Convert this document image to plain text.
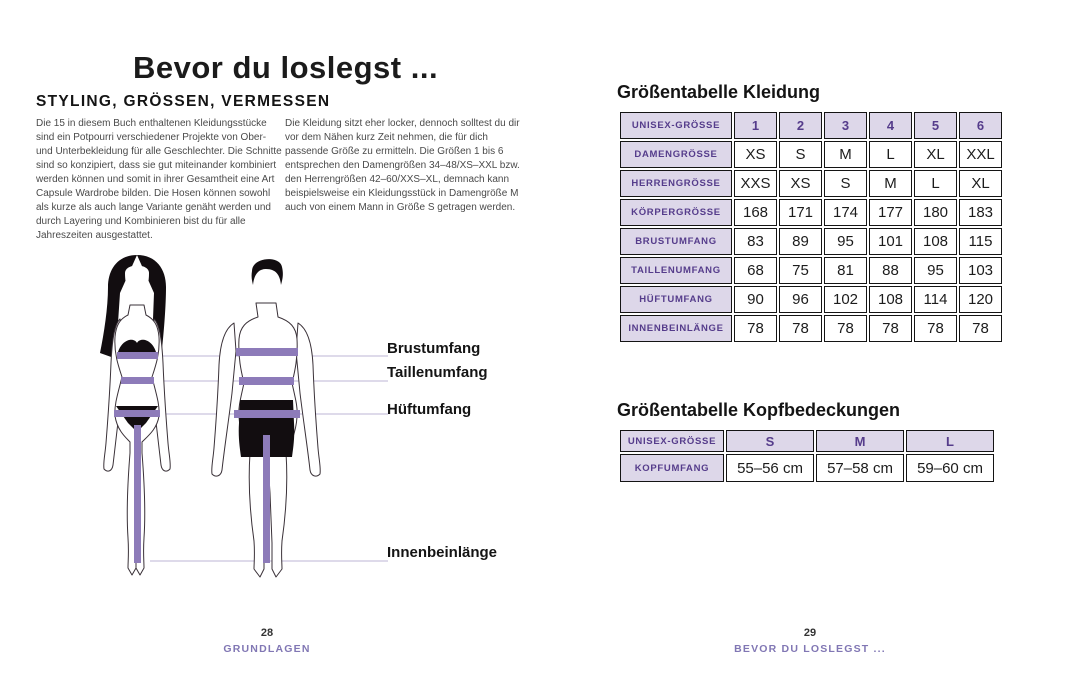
Bevor du loslegst ...
STYLING, GRÖSSEN, VERMESSEN

Die 15 in diesem Buch enthaltenen Kleidungsstücke sind ein Potpourri verschiedener Projekte von Ober- und Unterbekleidung für alle Geschlechter. Die Schnitte sind so konzipiert, dass sie gut miteinander kombiniert werden können und somit in ihrer Gesamtheit eine Art Capsule Wardrobe bilden. Die Hosen können sowohl als kurze als auch lange Variante genäht werden und durch Layering und Kombinieren bist du für alle Jahreszeiten ausgestattet.

Die Kleidung sitzt eher locker, dennoch solltest du dir vor dem Nähen kurz Zeit nehmen, die für dich passende Größe zu ermitteln. Die Größen 1 bis 6 entsprechen den Damengrößen 34–48/XS–XXL bzw. den Herrengrößen 42–60/XXS–XL, demnach kann beispielsweise ein Kleidungsstück in Damengröße M auch von einem Mann in Größe S getragen werden.

Brustumfang
Taillenumfang
Hüftumfang
Innenbeinlänge
28
GRUNDLAGEN
Größentabelle Kleidung
UNISEX-GRÖSSE	1	2	3	4	5	6
DAMENGRÖSSE	XS	S	M	L	XL	XXL
HERRENGRÖSSE	XXS	XS	S	M	L	XL
KÖRPERGRÖSSE	168	171	174	177	180	183
BRUSTUMFANG	83	89	95	101	108	115
TAILLENUMFANG	68	75	81	88	95	103
HÜFTUMFANG	90	96	102	108	114	120
INNENBEINLÄNGE	78	78	78	78	78	78
Größentabelle Kopfbedeckungen
UNISEX-GRÖSSE	S	M	L
KOPFUMFANG	55–56 cm	57–58 cm	59–60 cm
29
BEVOR DU LOSLEGST ...
